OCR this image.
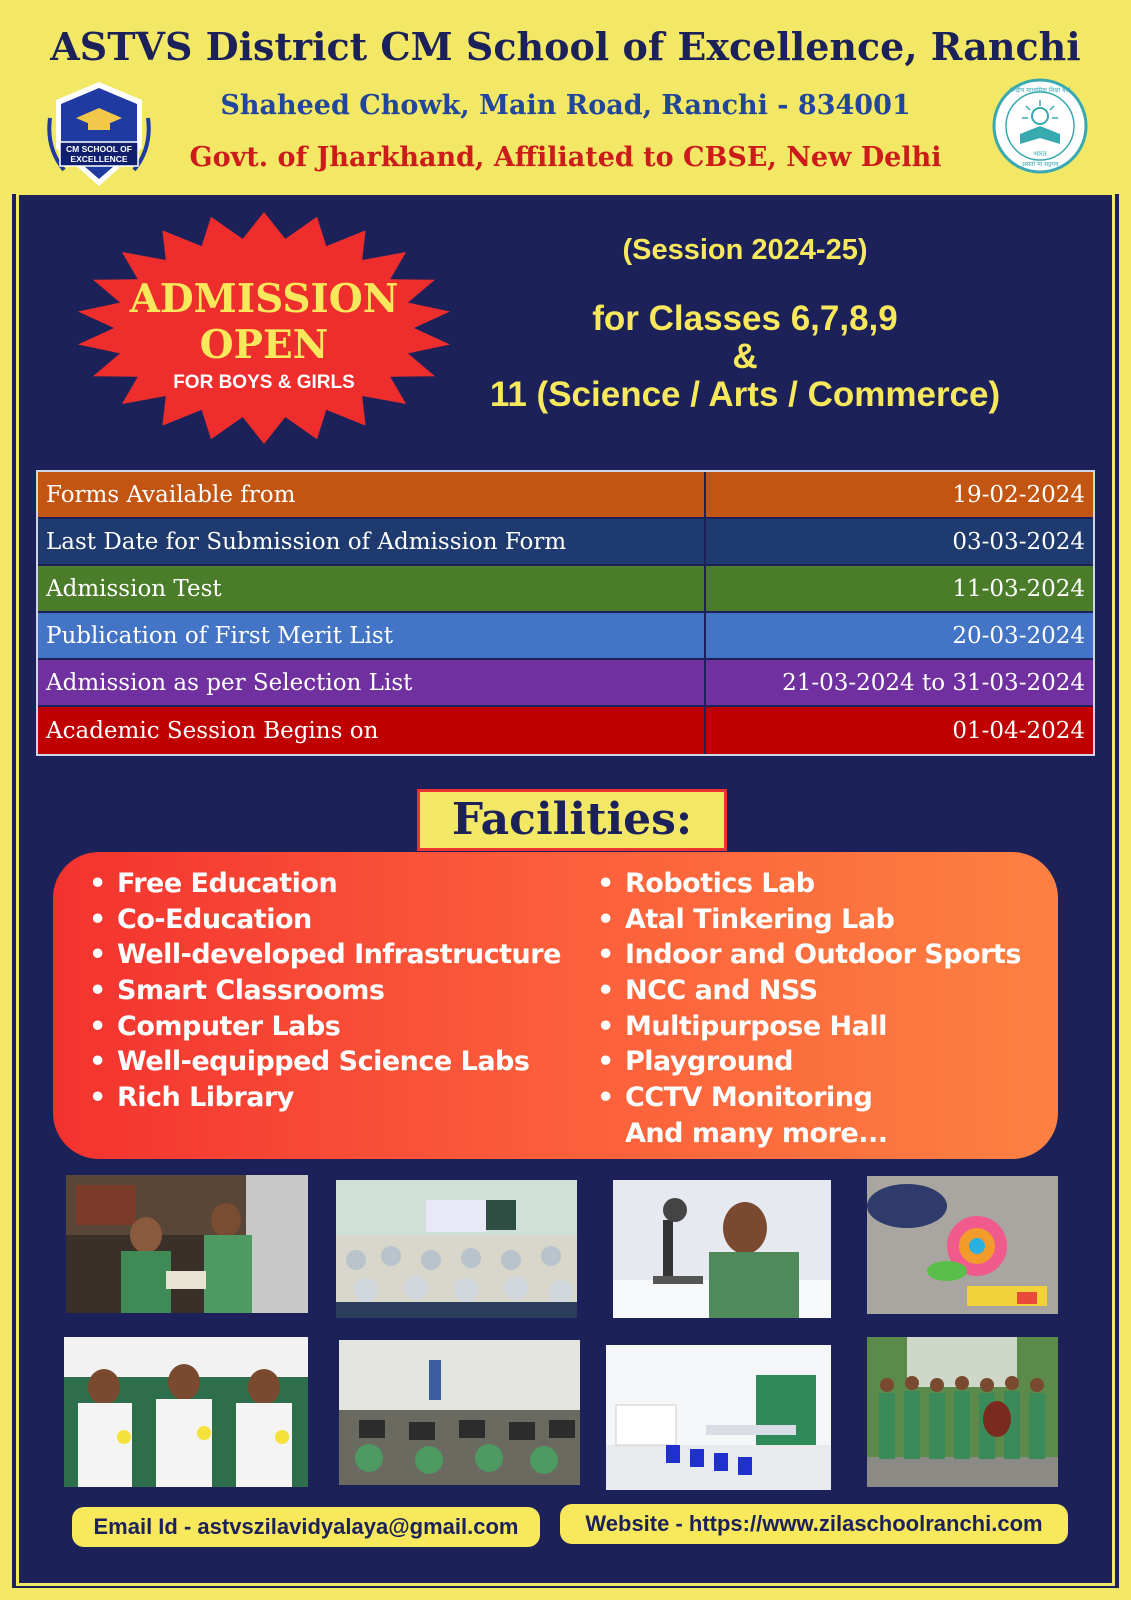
ASTVS District CM School of Excellence, Ranchi
Shaheed Chowk, Main Road, Ranchi - 834001
Govt. of Jharkhand, Affiliated to CBSE, New Delhi
CM SCHOOL OF
EXCELLENCE
केन्द्रीय माध्यमिक शिक्षा बोर्ड
भारत
असतो मा सद्गमय
ADMISSION
OPEN
FOR BOYS & GIRLS
(Session 2024-25)
for Classes 6,7,8,9
&
11 (Science / Arts / Commerce)
Forms Available from	19-02-2024
Last Date for Submission of Admission Form	03-03-2024
Admission Test	11-03-2024
Publication of First Merit List	20-03-2024
Admission as per Selection List	21-03-2024 to 31-03-2024
Academic Session Begins on	01-04-2024
Facilities:
• Free Education
• Co-Education
• Well-developed Infrastructure
• Smart Classrooms
• Computer Labs
• Well-equipped Science Labs
• Rich Library
• Robotics Lab
• Atal Tinkering Lab
• Indoor and Outdoor Sports
• NCC and NSS
• Multipurpose Hall
• Playground
• CCTV Monitoring
And many more...
Email Id - astvszilavidyalaya@gmail.com	Website - https://www.zilaschoolranchi.com
